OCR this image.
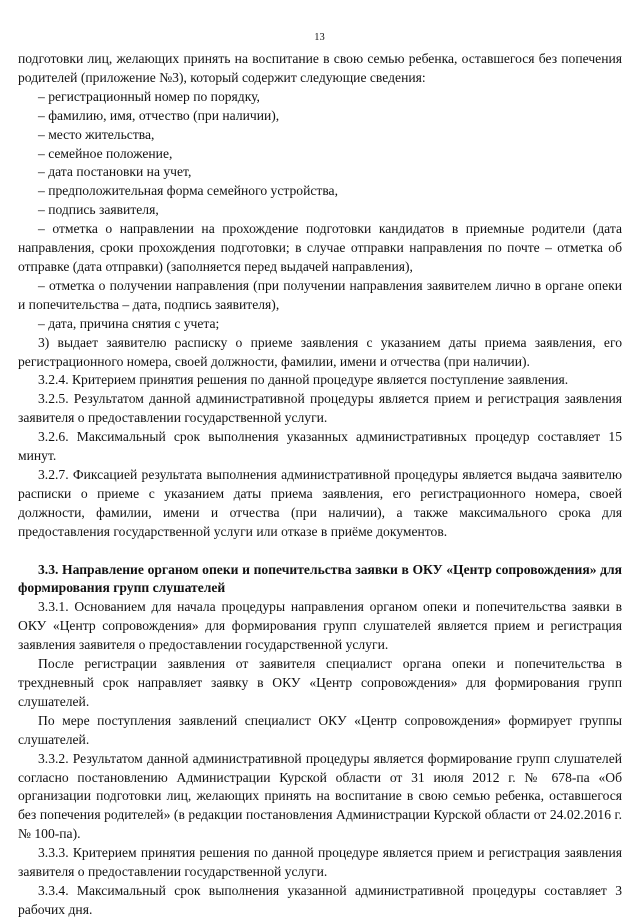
13

подготовки лиц, желающих принять на воспитание в свою семью ребенка, оставшегося без попечения родителей (приложение №3), который содержит следующие сведения:

– регистрационный номер по порядку,

– фамилию, имя, отчество (при наличии),

– место жительства,

– семейное положение,

– дата постановки на учет,

– предположительная форма семейного устройства,

– подпись заявителя,

– отметка о направлении на прохождение подготовки кандидатов в приемные родители (дата направления, сроки прохождения подготовки; в случае отправки направления по почте – отметка об отправке (дата отправки) (заполняется перед выдачей направления),

– отметка о получении направления (при получении направления заявителем лично в органе опеки и попечительства – дата, подпись заявителя),

– дата, причина снятия с учета;

3) выдает заявителю расписку о приеме заявления с указанием даты приема заявления, его регистрационного номера, своей должности, фамилии, имени и отчества (при наличии).

3.2.4. Критерием принятия решения по данной процедуре является поступление заявления.

3.2.5. Результатом данной административной процедуры является прием и регистрация заявления заявителя о предоставлении государственной услуги.

3.2.6. Максимальный срок выполнения указанных административных процедур составляет 15 минут.

3.2.7. Фиксацией результата выполнения административной процедуры является выдача заявителю расписки о приеме с указанием даты приема заявления, его регистрационного номера, своей должности, фамилии, имени и отчества (при наличии), а также максимального срока для предоставления государственной услуги или отказе в приёме документов.

3.3. Направление органом опеки и попечительства заявки в ОКУ «Центр сопровождения» для формирования групп слушателей

3.3.1. Основанием для начала процедуры направления органом опеки и попечительства заявки в ОКУ «Центр сопровождения» для формирования групп слушателей является прием и регистрация заявления заявителя о предоставлении государственной услуги.

После регистрации заявления от заявителя специалист органа опеки и попечительства в трехдневный срок направляет заявку в ОКУ «Центр сопровождения» для формирования групп слушателей.

По мере поступления заявлений специалист ОКУ «Центр сопровождения» формирует группы слушателей.

3.3.2. Результатом данной административной процедуры является формирование групп слушателей согласно постановлению Администрации Курской области от 31 июля 2012 г. № 678-па «Об организации подготовки лиц, желающих принять на воспитание в свою семью ребенка, оставшегося без попечения родителей» (в редакции постановления Администрации Курской области от 24.02.2016 г. № 100-па).

3.3.3. Критерием принятия решения по данной процедуре является прием и регистрация заявления заявителя о предоставлении государственной услуги.

3.3.4. Максимальный срок выполнения указанной административной процедуры составляет 3 рабочих дня.
